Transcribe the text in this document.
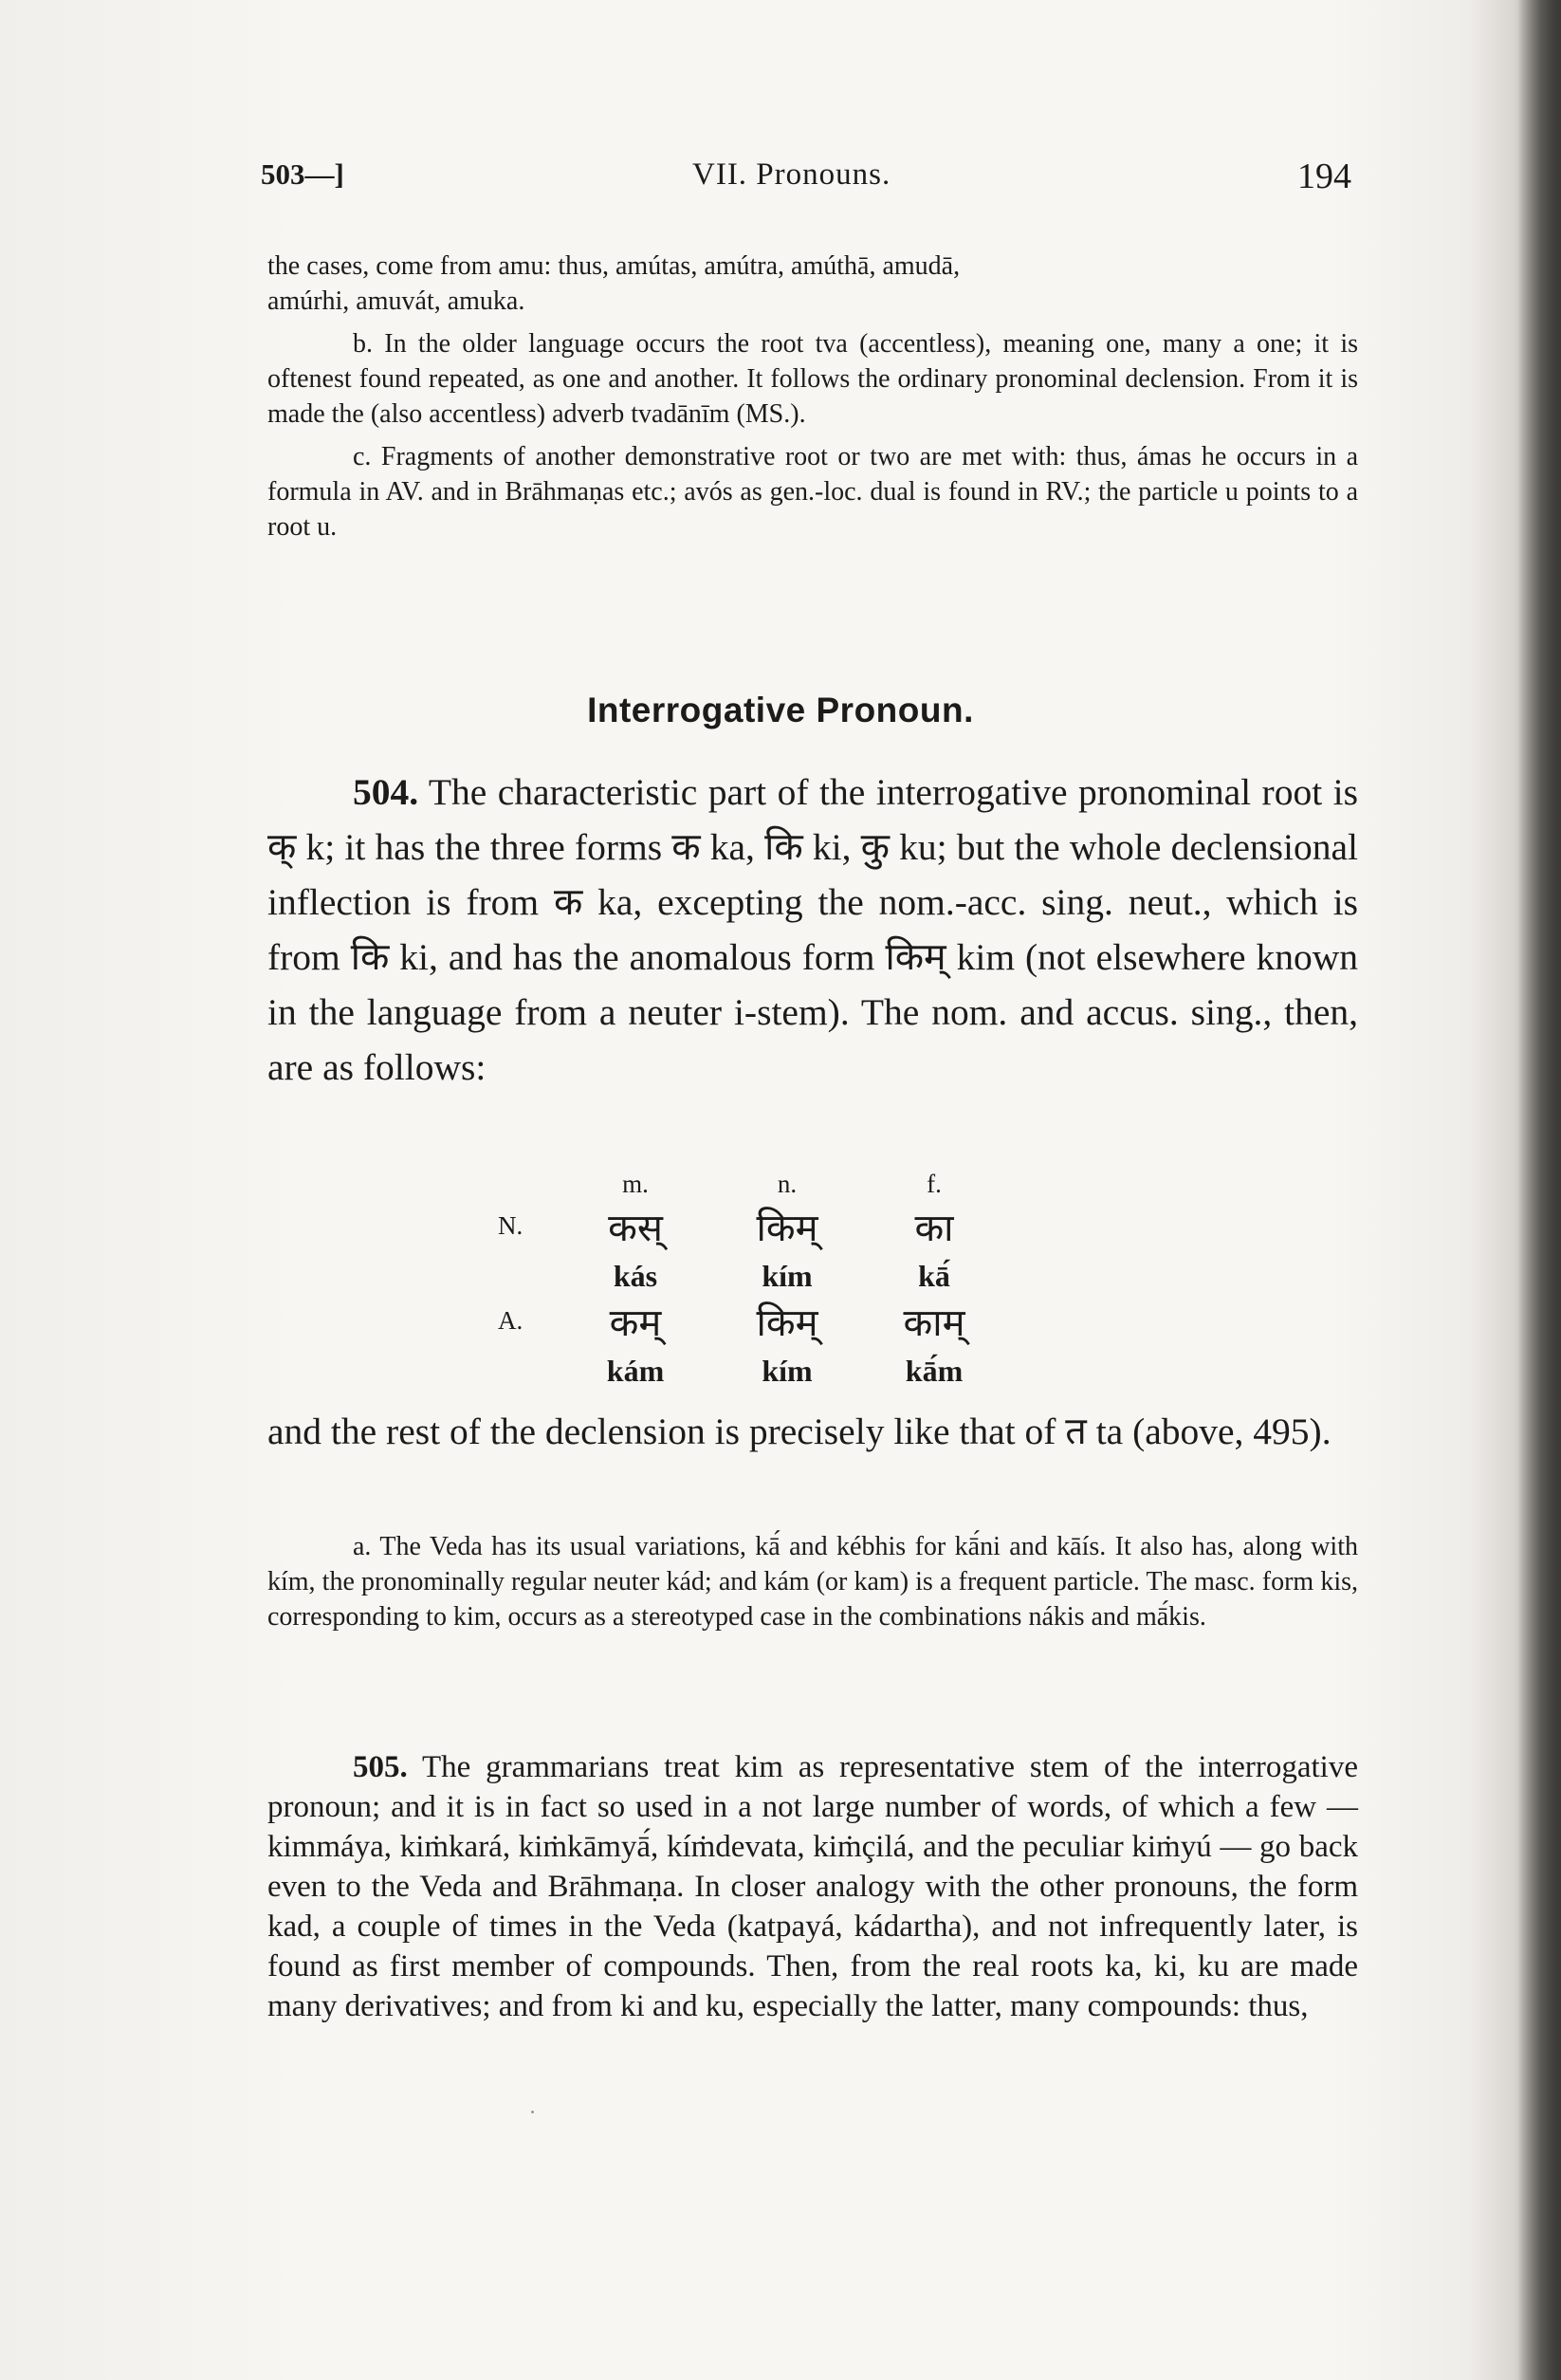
503—]	VII. Pronouns.	194

the cases, come from amu: thus, amútas, amútra, amúthā, amudā,

amúrhi, amuvát, amuka.

b. In the older language occurs the root tva (accentless), meaning one, many a one; it is oftenest found repeated, as one and another. It follows the ordinary pronominal declension. From it is made the (also accentless) adverb tvadānīm (MS.).

c. Fragments of another demonstrative root or two are met with: thus, ámas he occurs in a formula in AV. and in Brāhmaṇas etc.; avós as gen.-loc. dual is found in RV.; the particle u points to a root u.

Interrogative Pronoun.

504. The characteristic part of the interrogative pronominal root is क् k; it has the three forms क ka, कि ki, कु ku; but the whole declensional inflection is from क ka, excepting the nom.-acc. sing. neut., which is from कि ki, and has the anomalous form किम् kim (not elsewhere known in the language from a neuter i-stem). The nom. and accus. sing., then, are as follows:

m.	n.	f.
N.	कस्	किम्	का
kás	kím	kā́
A.	कम्	किम्	काम्
kám	kím	kā́m

and the rest of the declension is precisely like that of त ta (above, 495).

a. The Veda has its usual variations, kā́ and kébhis for kā́ni and kāís. It also has, along with kím, the pronominally regular neuter kád; and kám (or kam) is a frequent particle. The masc. form kis, corresponding to kim, occurs as a stereotyped case in the combinations nákis and mā́kis.

505. The grammarians treat kim as representative stem of the interrogative pronoun; and it is in fact so used in a not large number of words, of which a few — kimmáya, kiṁkará, kiṁkāmyā́, kíṁdevata, kiṁçilá, and the peculiar kiṁyú — go back even to the Veda and Brāhmaṇa. In closer analogy with the other pronouns, the form kad, a couple of times in the Veda (katpayá, kádartha), and not infrequently later, is found as first member of compounds. Then, from the real roots ka, ki, ku are made many derivatives; and from ki and ku, especially the latter, many compounds: thus,
